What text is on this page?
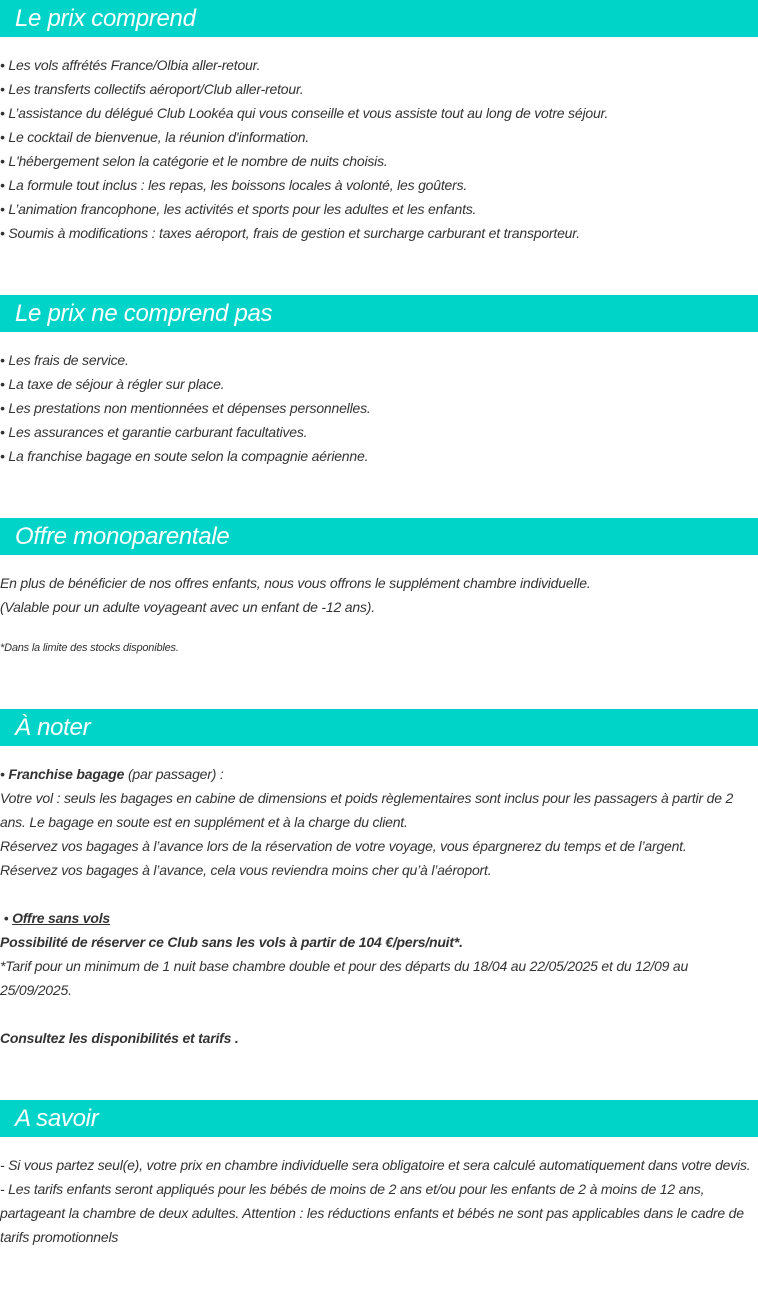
Le prix comprend

• Les vols affrétés France/Olbia aller-retour.

• Les transferts collectifs aéroport/Club aller-retour.

• L’assistance du délégué Club Lookéa qui vous conseille et vous assiste tout au long de votre séjour.

• Le cocktail de bienvenue, la réunion d'information.

• L'hébergement selon la catégorie et le nombre de nuits choisis.

• La formule tout inclus : les repas, les boissons locales à volonté, les goûters.

• L’animation francophone, les activités et sports pour les adultes et les enfants.

• Soumis à modifications : taxes aéroport, frais de gestion et surcharge carburant et transporteur.

Le prix ne comprend pas

• Les frais de service.

• La taxe de séjour à régler sur place.

• Les prestations non mentionnées et dépenses personnelles.

• Les assurances et garantie carburant facultatives.

• La franchise bagage en soute selon la compagnie aérienne.

Offre monoparentale

En plus de bénéficier de nos offres enfants, nous vous offrons le supplément chambre individuelle.

(Valable pour un adulte voyageant avec un enfant de -12 ans).

*Dans la limite des stocks disponibles.
À noter

• Franchise bagage (par passager) :

Votre vol : seuls les bagages en cabine de dimensions et poids règlementaires sont inclus pour les passagers à partir de 2 ans. Le bagage en soute est en supplément et à la charge du client.

Réservez vos bagages à l’avance lors de la réservation de votre voyage, vous épargnerez du temps et de l’argent.

Réservez vos bagages à l’avance, cela vous reviendra moins cher qu’à l’aéroport.

• Offre sans vols

Possibilité de réserver ce Club sans les vols à partir de 104 €/pers/nuit*.

*Tarif pour un minimum de 1 nuit base chambre double et pour des départs du 18/04 au 22/05/2025 et du 12/09 au 25/09/2025.

Consultez les disponibilités et tarifs .
A savoir

- Si vous partez seul(e), votre prix en chambre individuelle sera obligatoire et sera calculé automatiquement dans votre devis.

- Les tarifs enfants seront appliqués pour les bébés de moins de 2 ans et/ou pour les enfants de 2 à moins de 12 ans, partageant la chambre de deux adultes. Attention : les réductions enfants et bébés ne sont pas applicables dans le cadre de tarifs promotionnels
